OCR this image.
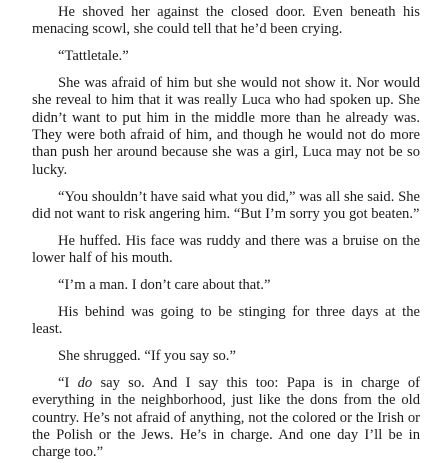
He shoved her against the closed door. Even beneath his menacing scowl, she could tell that he’d been crying.

“Tattletale.”

She was afraid of him but she would not show it. Nor would she reveal to him that it was really Luca who had spoken up. She didn’t want to put him in the middle more than he already was. They were both afraid of him, and though he would not do more than push her around because she was a girl, Luca may not be so lucky.

“You shouldn’t have said what you did,” was all she said. She did not want to risk angering him. “But I’m sorry you got beaten.”

He huffed. His face was ruddy and there was a bruise on the lower half of his mouth.

“I’m a man. I don’t care about that.”

His behind was going to be stinging for three days at the least.

She shrugged. “If you say so.”

“I do say so. And I say this too: Papa is in charge of everything in the neighborhood, just like the dons from the old country. He’s not afraid of anything, not the colored or the Irish or the Polish or the Jews. He’s in charge. And one day I’ll be in charge too.”
